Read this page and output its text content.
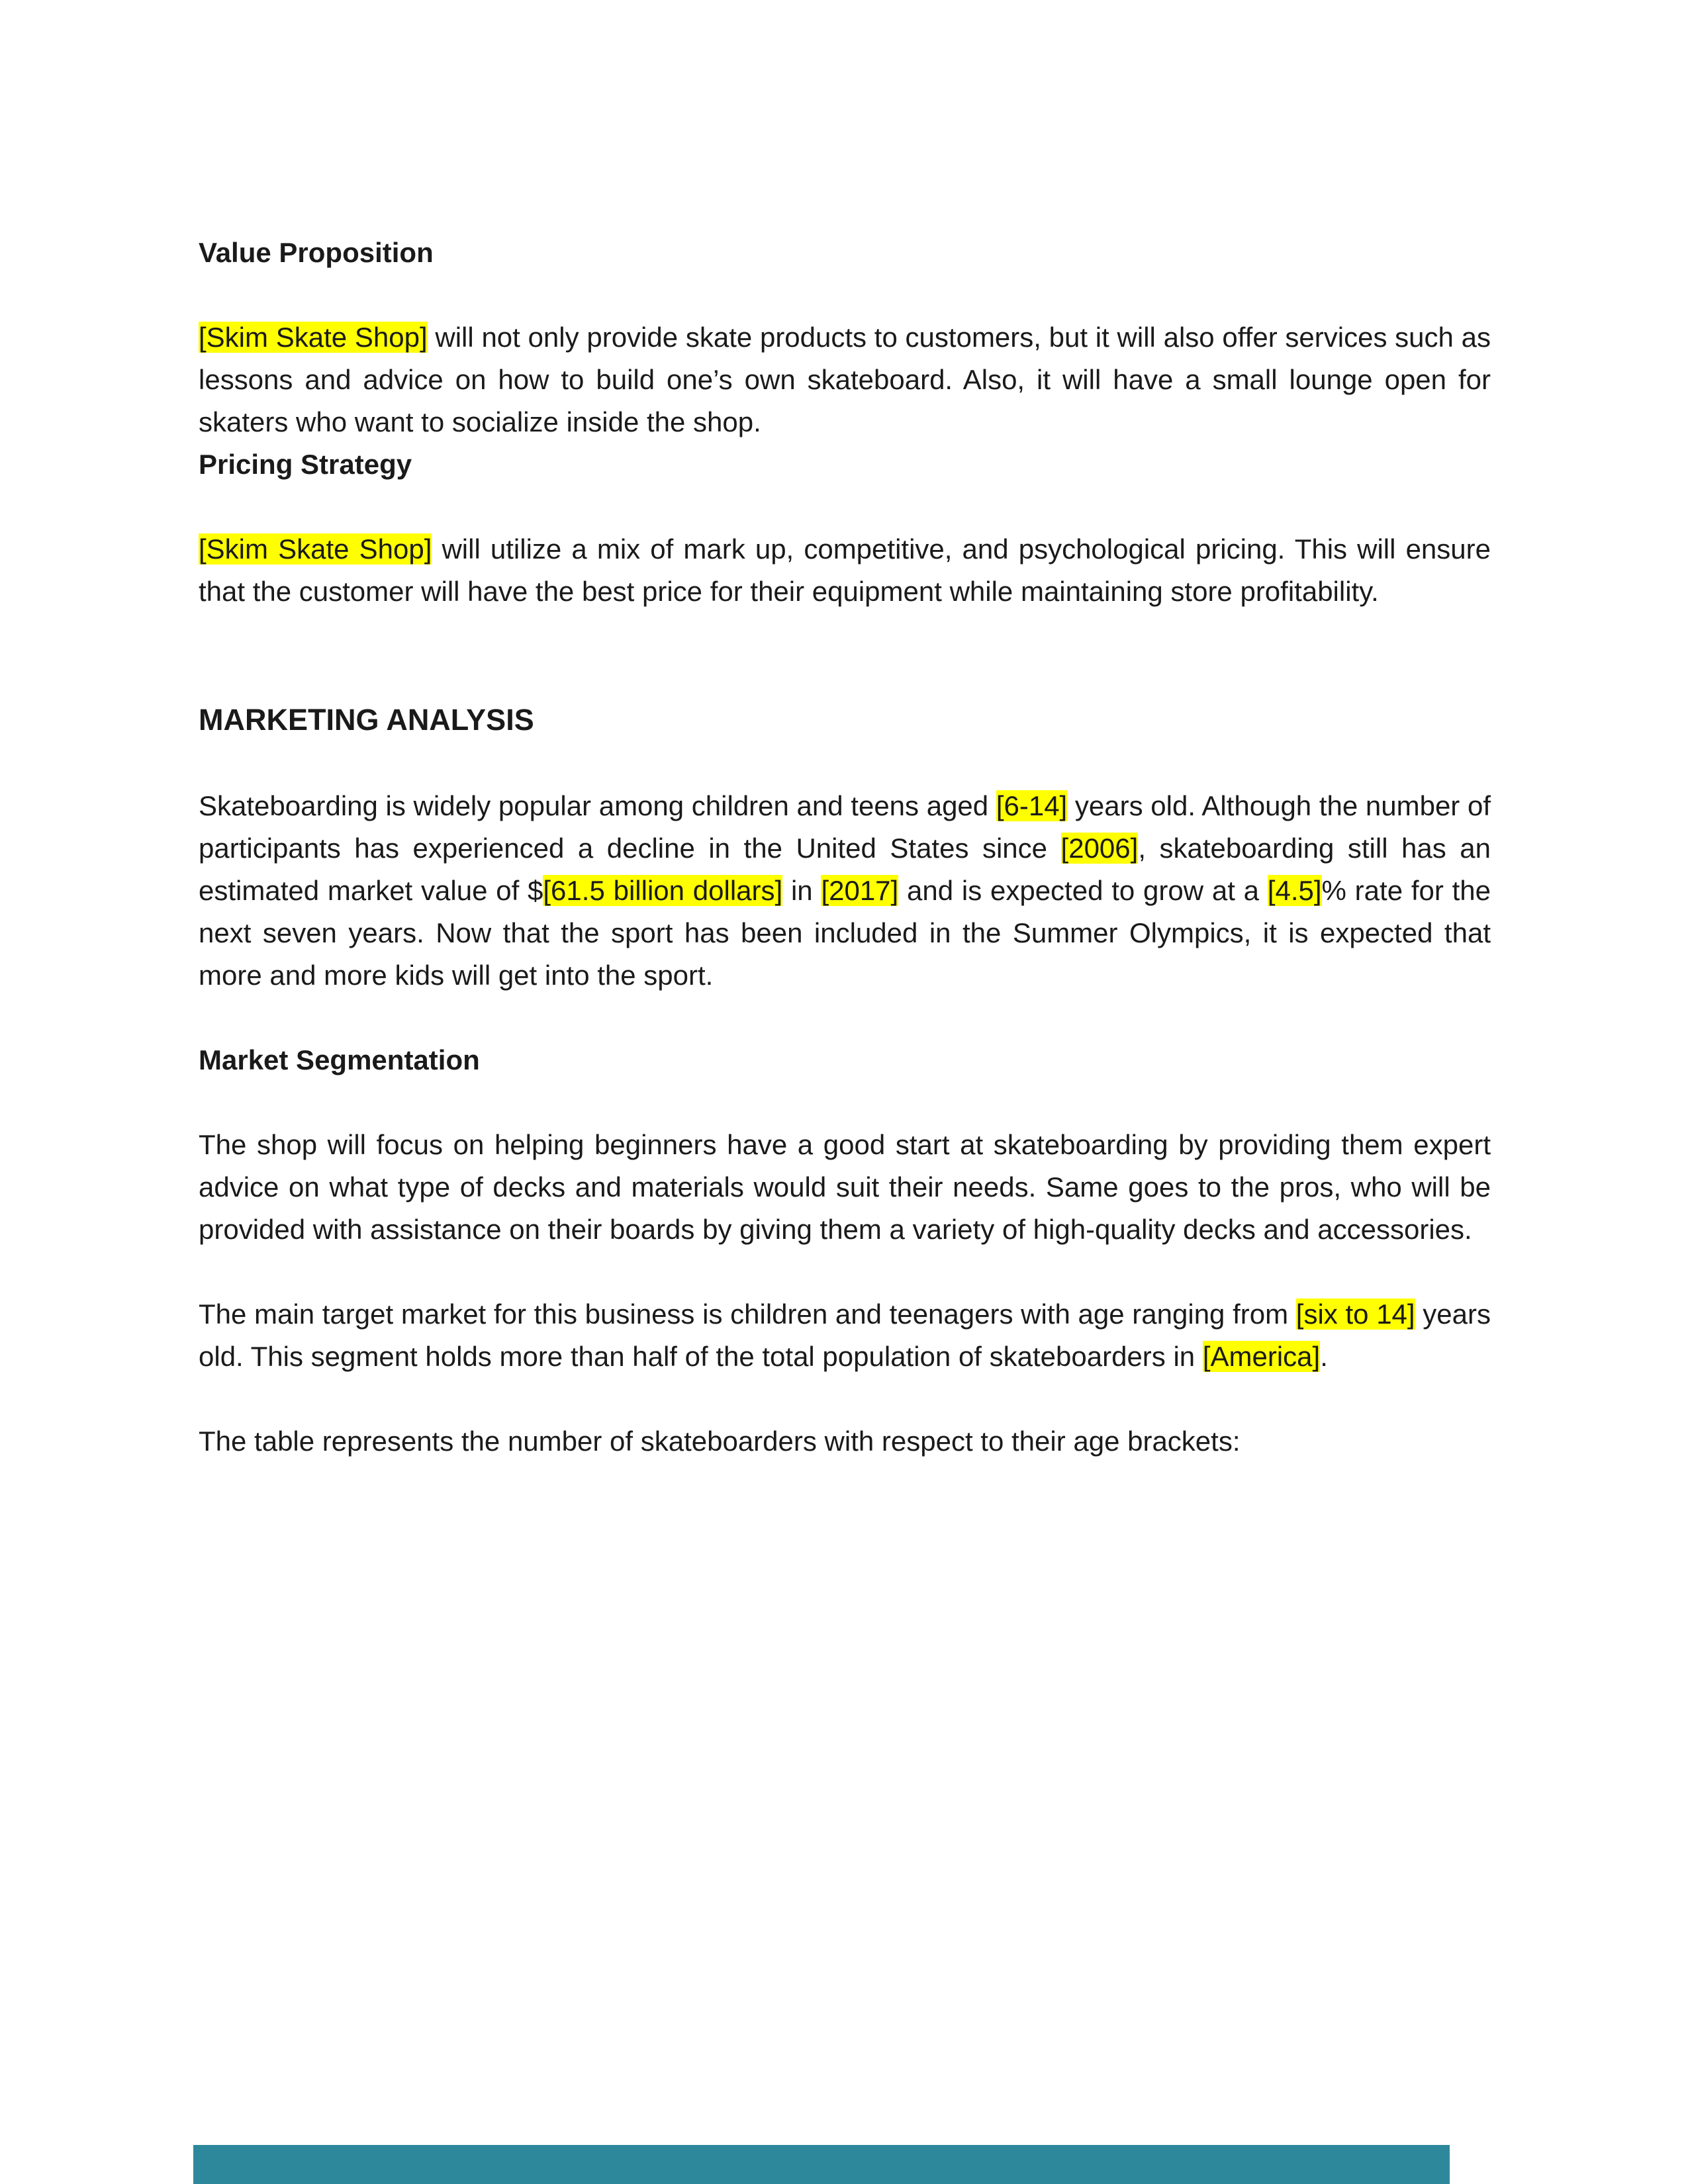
Value Proposition

[Skim Skate Shop] will not only provide skate products to customers, but it will also offer services such as lessons and advice on how to build one’s own skateboard. Also, it will have a small lounge open for skaters who want to socialize inside the shop.

Pricing Strategy

[Skim Skate Shop] will utilize a mix of mark up, competitive, and psychological pricing. This will ensure that the customer will have the best price for their equipment while maintaining store profitability.

MARKETING ANALYSIS

Skateboarding is widely popular among children and teens aged [6-14] years old. Although the number of participants has experienced a decline in the United States since [2006], skateboarding still has an estimated market value of $[61.5 billion dollars] in [2017] and is expected to grow at a [4.5]% rate for the next seven years. Now that the sport has been included in the Summer Olympics, it is expected that more and more kids will get into the sport.

Market Segmentation

The shop will focus on helping beginners have a good start at skateboarding by providing them expert advice on what type of decks and materials would suit their needs. Same goes to the pros, who will be provided with assistance on their boards by giving them a variety of high-quality decks and accessories.

The main target market for this business is children and teenagers with age ranging from [six to 14] years old. This segment holds more than half of the total population of skateboarders in [America].

The table represents the number of skateboarders with respect to their age brackets:
